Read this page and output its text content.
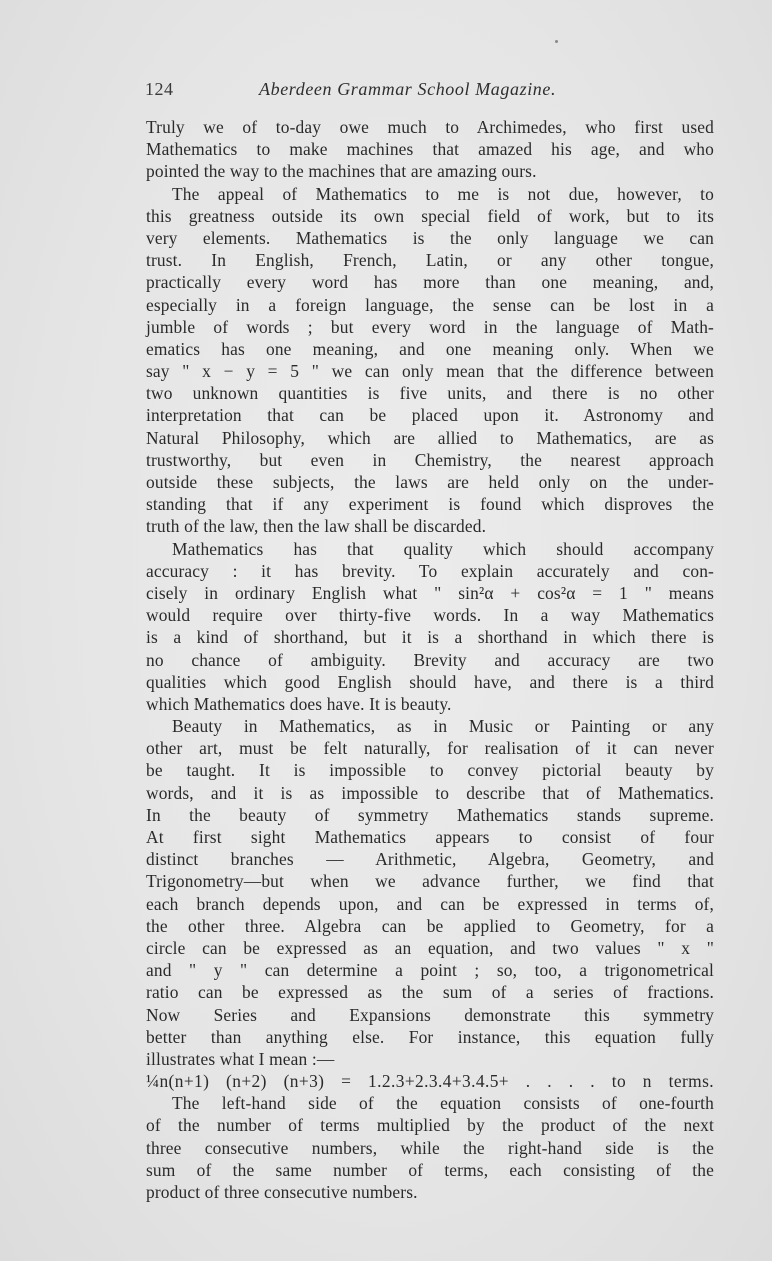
124	Aberdeen Grammar School Magazine.
Truly we of to-day owe much to Archimedes, who first used
Mathematics to make machines that amazed his age, and who
pointed the way to the machines that are amazing ours.
The appeal of Mathematics to me is not due, however, to
this greatness outside its own special field of work, but to its
very elements. Mathematics is the only language we can
trust. In English, French, Latin, or any other tongue,
practically every word has more than one meaning, and,
especially in a foreign language, the sense can be lost in a
jumble of words ; but every word in the language of Math-
ematics has one meaning, and one meaning only. When we
say " x − y = 5 " we can only mean that the difference between
two unknown quantities is five units, and there is no other
interpretation that can be placed upon it. Astronomy and
Natural Philosophy, which are allied to Mathematics, are as
trustworthy, but even in Chemistry, the nearest approach
outside these subjects, the laws are held only on the under-
standing that if any experiment is found which disproves the
truth of the law, then the law shall be discarded.
Mathematics has that quality which should accompany
accuracy : it has brevity. To explain accurately and con-
cisely in ordinary English what " sin²α + cos²α = 1 " means
would require over thirty-five words. In a way Mathematics
is a kind of shorthand, but it is a shorthand in which there is
no chance of ambiguity. Brevity and accuracy are two
qualities which good English should have, and there is a third
which Mathematics does have. It is beauty.
Beauty in Mathematics, as in Music or Painting or any
other art, must be felt naturally, for realisation of it can never
be taught. It is impossible to convey pictorial beauty by
words, and it is as impossible to describe that of Mathematics.
In the beauty of symmetry Mathematics stands supreme.
At first sight Mathematics appears to consist of four
distinct branches — Arithmetic, Algebra, Geometry, and
Trigonometry—but when we advance further, we find that
each branch depends upon, and can be expressed in terms of,
the other three. Algebra can be applied to Geometry, for a
circle can be expressed as an equation, and two values " x "
and " y " can determine a point ; so, too, a trigonometrical
ratio can be expressed as the sum of a series of fractions.
Now Series and Expansions demonstrate this symmetry
better than anything else. For instance, this equation fully
illustrates what I mean :—
¼n(n+1) (n+2) (n+3) = 1.2.3+2.3.4+3.4.5+ . . . . to n terms.
The left-hand side of the equation consists of one-fourth
of the number of terms multiplied by the product of the next
three consecutive numbers, while the right-hand side is the
sum of the same number of terms, each consisting of the
product of three consecutive numbers.
